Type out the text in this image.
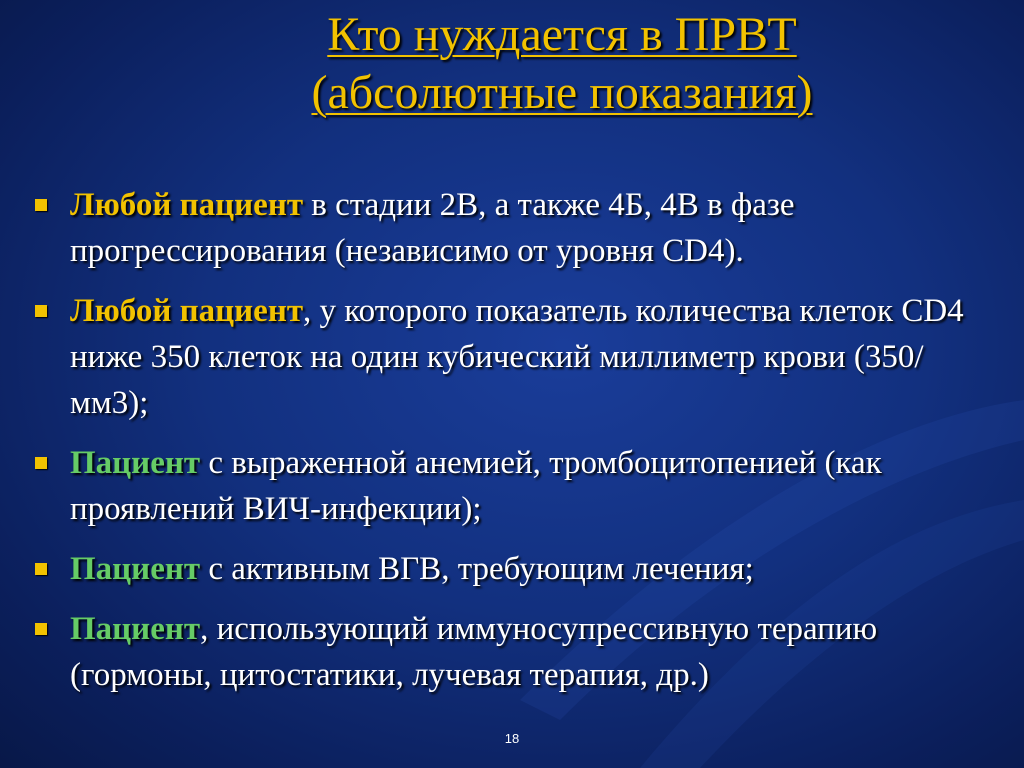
Кто нуждается в ПРВТ
(абсолютные показания)
Любой пациент в стадии 2В, а также 4Б, 4В в фазе прогрессирования (независимо от уровня CD4).
Любой пациент, у которого показатель количества клеток CD4 ниже 350 клеток на один кубический миллиметр крови (350/мм3);
Пациент с выраженной анемией, тромбоцитопенией (как проявлений ВИЧ-инфекции);
Пациент с активным ВГВ, требующим лечения;
Пациент, использующий иммуносупрессивную терапию (гормоны, цитостатики, лучевая терапия, др.)
18
